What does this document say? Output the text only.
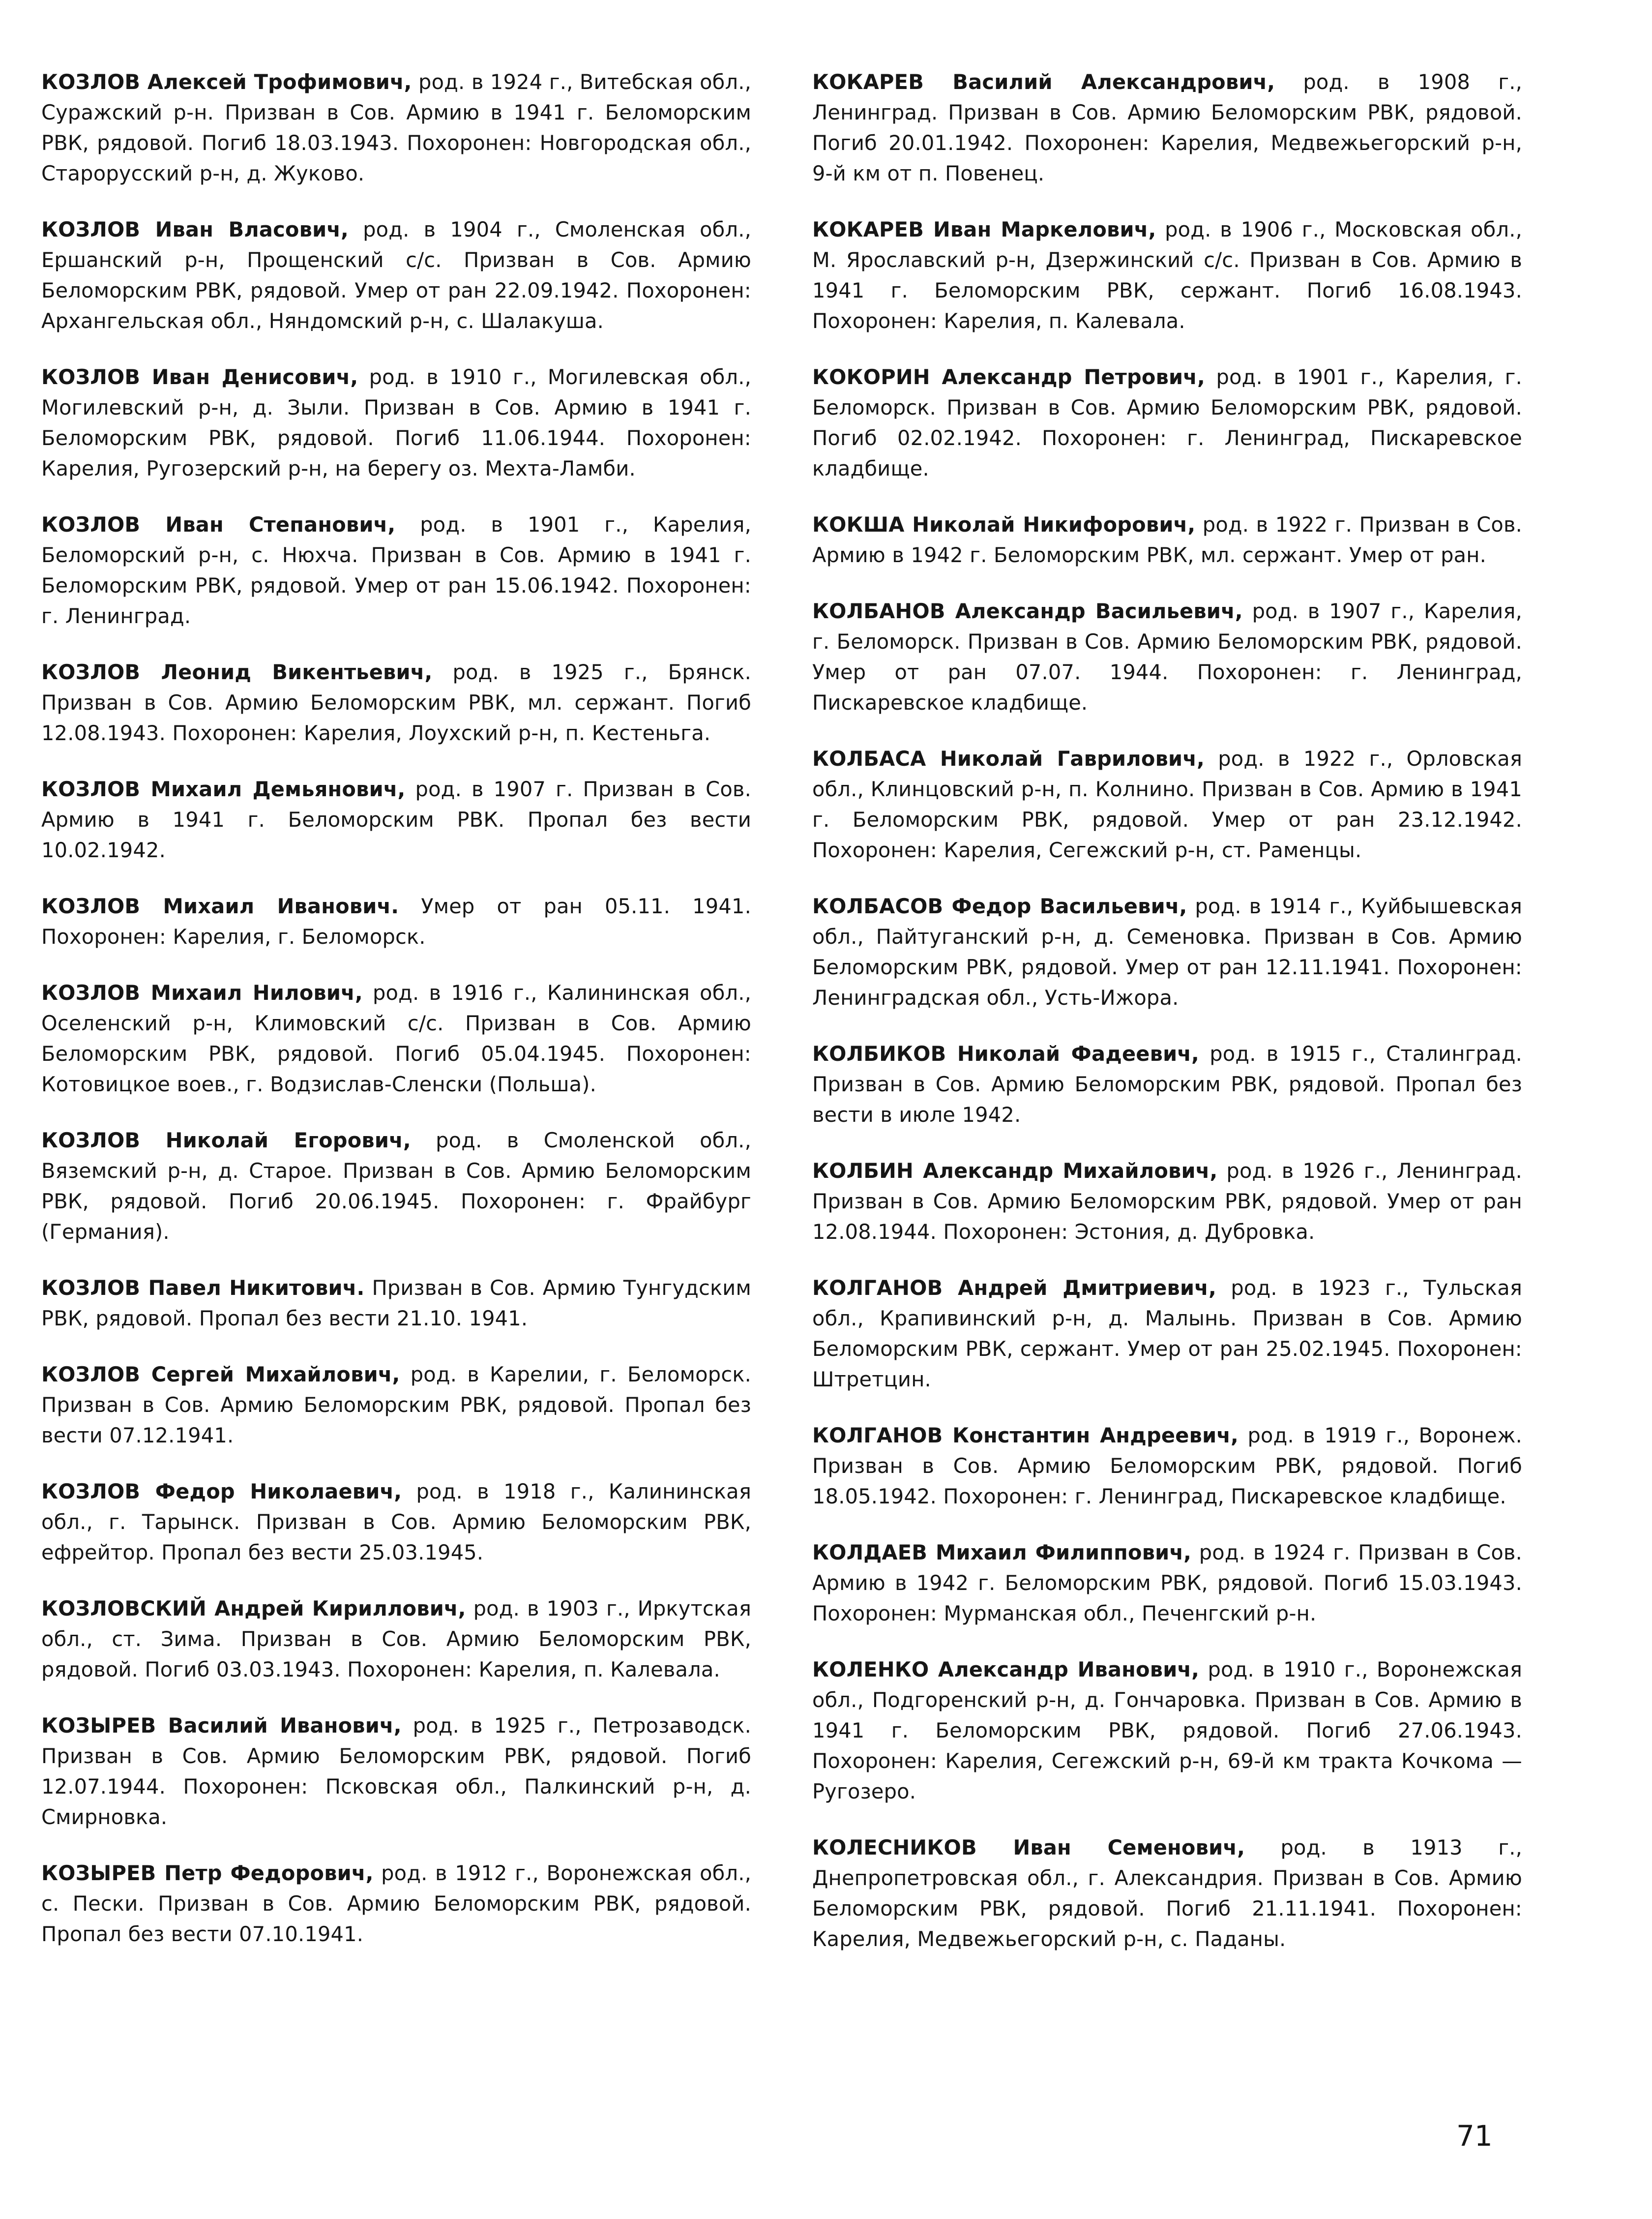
КОЗЛОВ Алексей Трофимович, род. в 1924 г., Витебская обл., Суражский р-н. Призван в Сов. Армию в 1941 г. Беломорским РВК, рядовой. Погиб 18.03.1943. Похоронен: Новгородская обл., Старорусский р-н, д. Жуково.

КОЗЛОВ Иван Власович, род. в 1904 г., Смоленская обл., Ершанский р-н, Прощенский с/с. Призван в Сов. Армию Беломорским РВК, рядовой. Умер от ран 22.09.1942. Похоронен: Архангельская обл., Няндомский р-н, с. Шалакуша.

КОЗЛОВ Иван Денисович, род. в 1910 г., Могилевская обл., Могилевский р-н, д. Зыли. Призван в Сов. Армию в 1941 г. Беломорским РВК, рядовой. Погиб 11.06.1944. Похоронен: Карелия, Ругозерский р-н, на берегу оз. Мехта-Ламби.

КОЗЛОВ Иван Степанович, род. в 1901 г., Карелия, Беломорский р-н, с. Нюхча. Призван в Сов. Армию в 1941 г. Беломорским РВК, рядовой. Умер от ран 15.06.1942. Похоронен: г. Ленинград.

КОЗЛОВ Леонид Викентьевич, род. в 1925 г., Брянск. Призван в Сов. Армию Беломорским РВК, мл. сержант. Погиб 12.08.1943. Похоронен: Карелия, Лоухский р-н, п. Кестеньга.

КОЗЛОВ Михаил Демьянович, род. в 1907 г. Призван в Сов. Армию в 1941 г. Беломорским РВК. Пропал без вести 10.02.1942.

КОЗЛОВ Михаил Иванович. Умер от ран 05.11. 1941. Похоронен: Карелия, г. Беломорск.

КОЗЛОВ Михаил Нилович, род. в 1916 г., Калининская обл., Оселенский р-н, Климовский с/с. Призван в Сов. Армию Беломорским РВК, рядовой. Погиб 05.04.1945. Похоронен: Котовицкое воев., г. Водзислав-Сленски (Польша).

КОЗЛОВ Николай Егорович, род. в Смоленской обл., Вяземский р-н, д. Старое. Призван в Сов. Армию Беломорским РВК, рядовой. Погиб 20.06.1945. Похоронен: г. Фрайбург (Германия).

КОЗЛОВ Павел Никитович. Призван в Сов. Армию Тунгудским РВК, рядовой. Пропал без вести 21.10. 1941.

КОЗЛОВ Сергей Михайлович, род. в Карелии, г. Беломорск. Призван в Сов. Армию Беломорским РВК, рядовой. Пропал без вести 07.12.1941.

КОЗЛОВ Федор Николаевич, род. в 1918 г., Калининская обл., г. Тарынск. Призван в Сов. Армию Беломорским РВК, ефрейтор. Пропал без вести 25.03.1945.

КОЗЛОВСКИЙ Андрей Кириллович, род. в 1903 г., Иркутская обл., ст. Зима. Призван в Сов. Армию Беломорским РВК, рядовой. Погиб 03.03.1943. Похоронен: Карелия, п. Калевала.

КОЗЫРЕВ Василий Иванович, род. в 1925 г., Петрозаводск. Призван в Сов. Армию Беломорским РВК, рядовой. Погиб 12.07.1944. Похоронен: Псковская обл., Палкинский р-н, д. Смирновка.

КОЗЫРЕВ Петр Федорович, род. в 1912 г., Воронежская обл., с. Пески. Призван в Сов. Армию Беломорским РВК, рядовой. Пропал без вести 07.10.1941.

КОКАРЕВ Василий Александрович, род. в 1908 г., Ленинград. Призван в Сов. Армию Беломорским РВК, рядовой. Погиб 20.01.1942. Похоронен: Карелия, Медвежьегорский р-н, 9-й км от п. Повенец.

КОКАРЕВ Иван Маркелович, род. в 1906 г., Московская обл., М. Ярославский р-н, Дзержинский с/с. Призван в Сов. Армию в 1941 г. Беломорским РВК, сержант. Погиб 16.08.1943. Похоронен: Карелия, п. Калевала.

КОКОРИН Александр Петрович, род. в 1901 г., Карелия, г. Беломорск. Призван в Сов. Армию Беломорским РВК, рядовой. Погиб 02.02.1942. Похоронен: г. Ленинград, Пискаревское кладбище.

КОКША Николай Никифорович, род. в 1922 г. Призван в Сов. Армию в 1942 г. Беломорским РВК, мл. сержант. Умер от ран.

КОЛБАНОВ Александр Васильевич, род. в 1907 г., Карелия, г. Беломорск. Призван в Сов. Армию Беломорским РВК, рядовой. Умер от ран 07.07. 1944. Похоронен: г. Ленинград, Пискаревское кладбище.

КОЛБАСА Николай Гаврилович, род. в 1922 г., Орловская обл., Клинцовский р-н, п. Колнино. Призван в Сов. Армию в 1941 г. Беломорским РВК, рядовой. Умер от ран 23.12.1942. Похоронен: Карелия, Сегежский р-н, ст. Раменцы.

КОЛБАСОВ Федор Васильевич, род. в 1914 г., Куйбышевская обл., Пайтуганский р-н, д. Семеновка. Призван в Сов. Армию Беломорским РВК, рядовой. Умер от ран 12.11.1941. Похоронен: Ленинградская обл., Усть-Ижора.

КОЛБИКОВ Николай Фадеевич, род. в 1915 г., Сталинград. Призван в Сов. Армию Беломорским РВК, рядовой. Пропал без вести в июле 1942.

КОЛБИН Александр Михайлович, род. в 1926 г., Ленинград. Призван в Сов. Армию Беломорским РВК, рядовой. Умер от ран 12.08.1944. Похоронен: Эстония, д. Дубровка.

КОЛГАНОВ Андрей Дмитриевич, род. в 1923 г., Тульская обл., Крапивинский р-н, д. Малынь. Призван в Сов. Армию Беломорским РВК, сержант. Умер от ран 25.02.1945. Похоронен: Штретцин.

КОЛГАНОВ Константин Андреевич, род. в 1919 г., Воронеж. Призван в Сов. Армию Беломорским РВК, рядовой. Погиб 18.05.1942. Похоронен: г. Ленинград, Пискаревское кладбище.

КОЛДАЕВ Михаил Филиппович, род. в 1924 г. Призван в Сов. Армию в 1942 г. Беломорским РВК, рядовой. Погиб 15.03.1943. Похоронен: Мурманская обл., Печенгский р-н.

КОЛЕНКО Александр Иванович, род. в 1910 г., Воронежская обл., Подгоренский р-н, д. Гончаровка. Призван в Сов. Армию в 1941 г. Беломорским РВК, рядовой. Погиб 27.06.1943. Похоронен: Карелия, Сегежский р-н, 69-й км тракта Кочкома — Ругозеро.

КОЛЕСНИКОВ Иван Семенович, род. в 1913 г., Днепропетровская обл., г. Александрия. Призван в Сов. Армию Беломорским РВК, рядовой. Погиб 21.11.1941. Похоронен: Карелия, Медвежьегорский р-н, с. Паданы.

71
